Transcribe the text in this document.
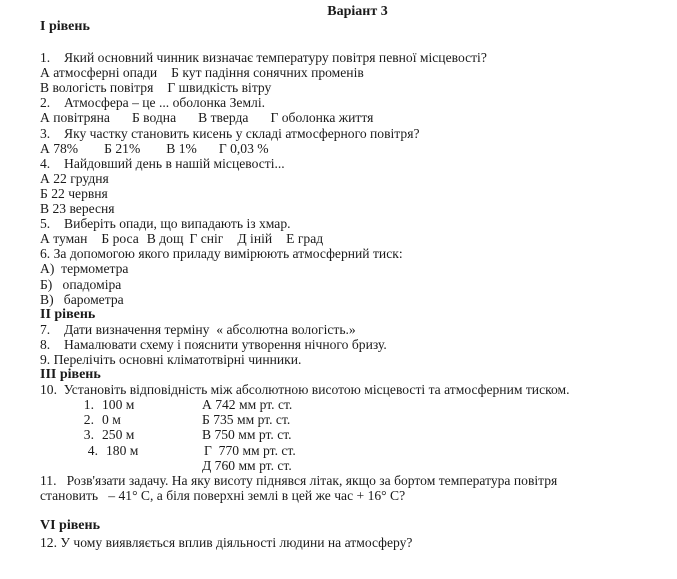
Варіант 3
I рівень
1. Який основний чинник визначає температуру повітря певної місцевості?
А атмосферні опади Б кут падіння сонячних променів
В вологість повітря Г швидкість вітру
2. Атмосфера – це ... оболонка Землі.
А повітряна Б водна В тверда Г оболонка життя
3. Яку частку становить кисень у складі атмосферного повітря?
А 78% Б 21% В 1% Г 0,03 %
4. Найдовший день в нашій місцевості...
А 22 грудня
Б 22 червня
В 23 вересня
5. Виберіть опади, що випадають із хмар.
А туман Б роса В дощ Г сніг Д іній Е град
6. За допомогою якого приладу вимірюють атмосферний тиск:
А)  термометра
Б)   опадоміра
В)   барометра
II рівень
7. Дати визначення терміну  « абсолютна вологість.»
8. Намалювати схему і пояснити утворення нічного бризу.
9. Перелічіть основні кліматотвірні чинники.
III рівень
10.  Установіть відповідність між абсолютною висотою місцевості та атмосферним тиском.
1. 100 м	А 742 мм рт. ст.
2. 0 м	Б 735 мм рт. ст.
3. 250 м	В 750 мм рт. ст.
4. 180 м	Г  770 мм рт. ст.
Д 760 мм рт. ст.
11.   Розв'язати задачу. На яку висоту піднявся літак, якщо за бортом температура повітря
становить   – 41° С, а біля поверхні землі в цей же час + 16° С?
VI рівень
12. У чому виявляється вплив діяльності людини на атмосферу?
